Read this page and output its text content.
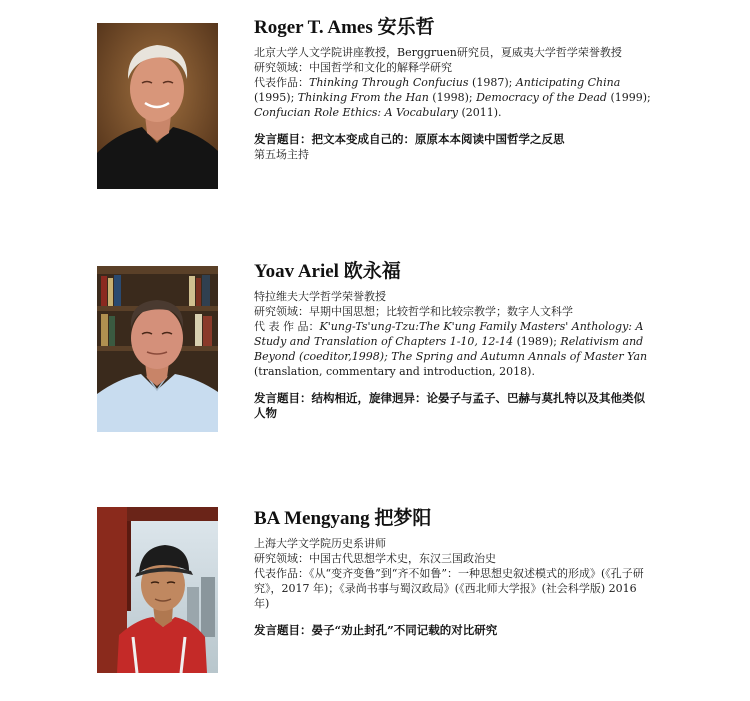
Roger T. Ames 安乐哲
北京大学人文学院讲座教授，Berggruen研究员，夏威夷大学哲学荣誉教授
研究领域：中国哲学和文化的解释学研究
代表作品：Thinking Through Confucius (1987); Anticipating China (1995); Thinking From the Han (1998); Democracy of the Dead (1999); Confucian Role Ethics: A Vocabulary (2011).
发言题目：把文本变成自己的：原原本本阅读中国哲学之反思
第五场主持
Yoav Ariel 欧永福
特拉维夫大学哲学荣誉教授
研究领域：早期中国思想；比较哲学和比较宗教学；数字人文科学
代 表 作 品：K'ung-Ts'ung-Tzu:The K'ung Family Masters' Anthology: A Study and Translation of Chapters 1-10, 12-14 (1989); Relativism and Beyond (coeditor,1998); The Spring and Autumn Annals of Master Yan (translation, commentary and introduction, 2018).
发言题目：结构相近，旋律迥异：论晏子与孟子、巴赫与莫扎特以及其他类似人物
BA Mengyang 把梦阳
上海大学文学院历史系讲师
研究领域：中国古代思想学术史，东汉三国政治史
代表作品：《从“变齐变鲁”到“齐不如鲁”：一种思想史叙述模式的形成》(《孔子研究》，2017 年)；《录尚书事与蜀汉政局》(《西北师大学报》(社会科学版) 2016 年)
发言题目：晏子“劝止封孔”不同记载的对比研究
